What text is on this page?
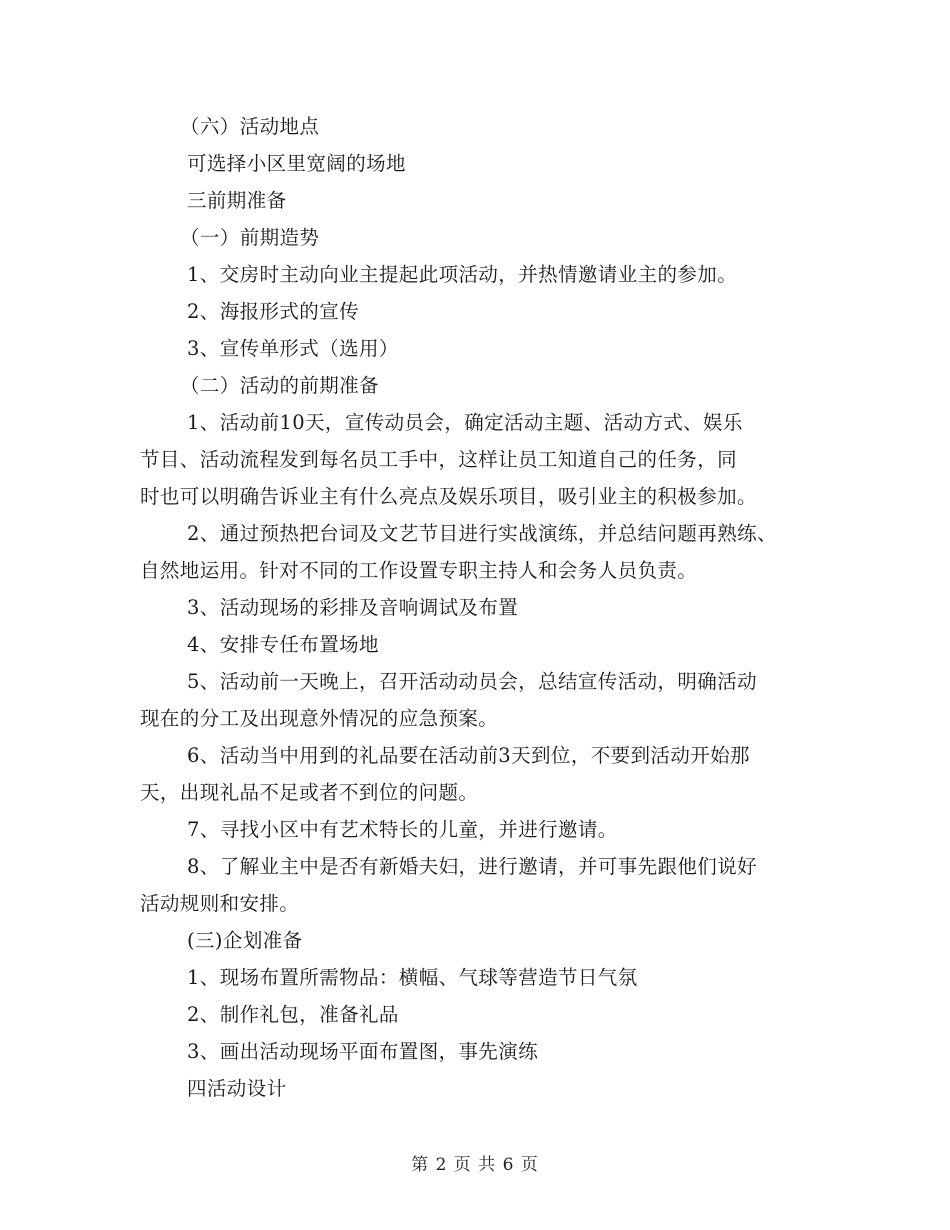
（六）活动地点
可选择小区里宽阔的场地
三前期准备
（一）前期造势
1、交房时主动向业主提起此项活动，并热情邀请业主的参加。
2、海报形式的宣传
3、宣传单形式（选用）
（二）活动的前期准备
1、活动前10天，宣传动员会，确定活动主题、活动方式、娱乐
节目、活动流程发到每名员工手中，这样让员工知道自己的任务，同
时也可以明确告诉业主有什么亮点及娱乐项目，吸引业主的积极参加。
2、通过预热把台词及文艺节目进行实战演练，并总结问题再熟练、
自然地运用。针对不同的工作设置专职主持人和会务人员负责。
3、活动现场的彩排及音响调试及布置
4、安排专任布置场地
5、活动前一天晚上，召开活动动员会，总结宣传活动，明确活动
现在的分工及出现意外情况的应急预案。
6、活动当中用到的礼品要在活动前3天到位，不要到活动开始那
天，出现礼品不足或者不到位的问题。
7、寻找小区中有艺术特长的儿童，并进行邀请。
8、了解业主中是否有新婚夫妇，进行邀请，并可事先跟他们说好
活动规则和安排。
(三)企划准备
1、现场布置所需物品：横幅、气球等营造节日气氛
2、制作礼包，准备礼品
3、画出活动现场平面布置图，事先演练
四活动设计
第 2 页 共 6 页
